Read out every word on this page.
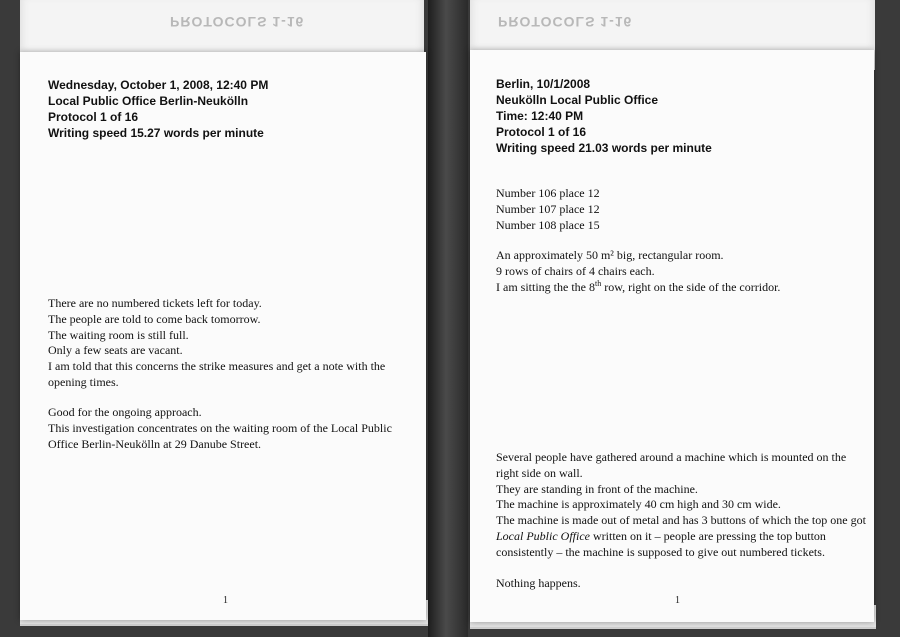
PROTOCOLS 1-16
Wednesday, October 1, 2008, 12:40 PM
Local Public Office Berlin-Neukölln
Protocol 1 of 16
Writing speed 15.27 words per minute
There are no numbered tickets left for today.
The people are told to come back tomorrow.
The waiting room is still full.
Only a few seats are vacant.
I am told that this concerns the strike measures and get a note with the
opening times.
Good for the ongoing approach.
This investigation concentrates on the waiting room of the Local Public
Office Berlin-Neukölln at 29 Danube Street.
1
PROTOCOLS 1-16
Berlin, 10/1/2008
Neukölln Local Public Office
Time: 12:40 PM
Protocol 1 of 16
Writing speed 21.03 words per minute
Number 106 place 12
Number 107 place 12
Number 108 place 15
An approximately 50 m² big, rectangular room.
9 rows of chairs of 4 chairs each.
I am sitting the the 8th row, right on the side of the corridor.
Several people have gathered around a machine which is mounted on the
right side on wall.
They are standing in front of the machine.
The machine is approximately 40 cm high and 30 cm wide.
The machine is made out of metal and has 3 buttons of which the top one got
Local Public Office written on it – people are pressing the top button
consistently – the machine is supposed to give out numbered tickets.
Nothing happens.
1
